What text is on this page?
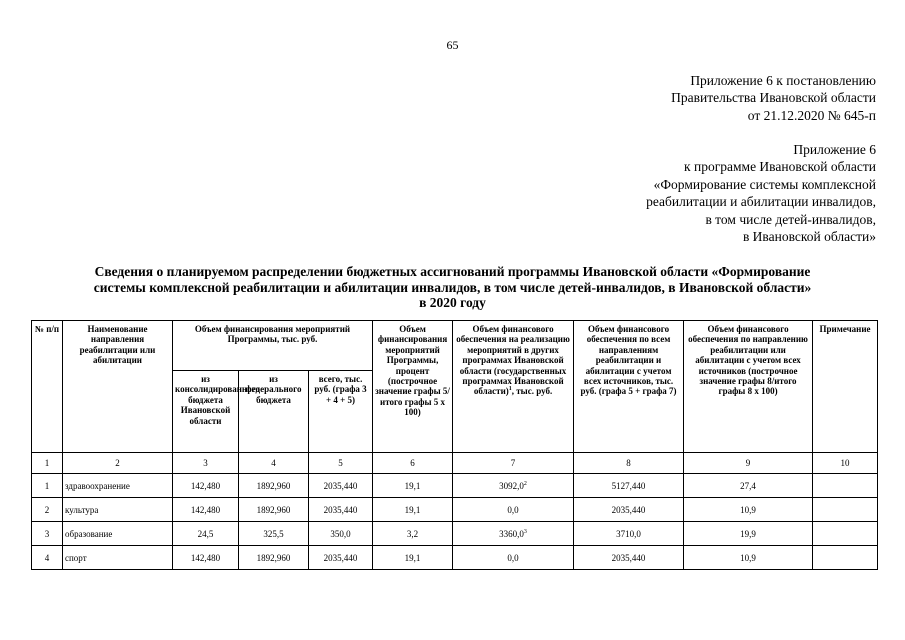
65
Приложение 6 к постановлению
Правительства Ивановской области
от 21.12.2020 № 645-п
Приложение 6
к программе Ивановской области
«Формирование системы комплексной
реабилитации и абилитации инвалидов,
в том числе детей-инвалидов,
в Ивановской области»
Сведения о планируемом распределении бюджетных ассигнований программы Ивановской области «Формирование
системы комплексной реабилитации и абилитации инвалидов, в том числе детей-инвалидов, в Ивановской области»
в 2020 году
№ п/п	Наименование направления реабилитации или абилитации	Объем финансирования мероприятий Программы, тыс. руб.			Объем финансирования мероприятий Программы, процент (построчное значение графы 5/итого графы 5 х 100)	Объем финансового обеспечения на реализацию мероприятий в других программах Ивановской области (государственных программах Ивановской области)$^1$, тыс. руб.	Объем финансового обеспечения по всем направлениям реабилитации и абилитации с учетом всех источников, тыс. руб. (графа 5 + графа 7)	Объем финансового обеспечения по направлению реабилитации или абилитации с учетом всех источников (построчное значение графы 8/итого графы 8 х 100)	Примечание
		из консолидированного бюджета Ивановской области	из федерального бюджета	всего, тыс. руб. (графа 3 + 4 + 5)					
1	2	3	4	5	6	7	8	9	10
1	здравоохранение	142,480	1892,960	2035,440	19,1	3092,0$^2$	5127,440	27,4	
2	культура	142,480	1892,960	2035,440	19,1	0,0	2035,440	10,9	
3	образование	24,5	325,5	350,0	3,2	3360,0$^3$	3710,0	19,9	
4	спорт	142,480	1892,960	2035,440	19,1	0,0	2035,440	10,9	
